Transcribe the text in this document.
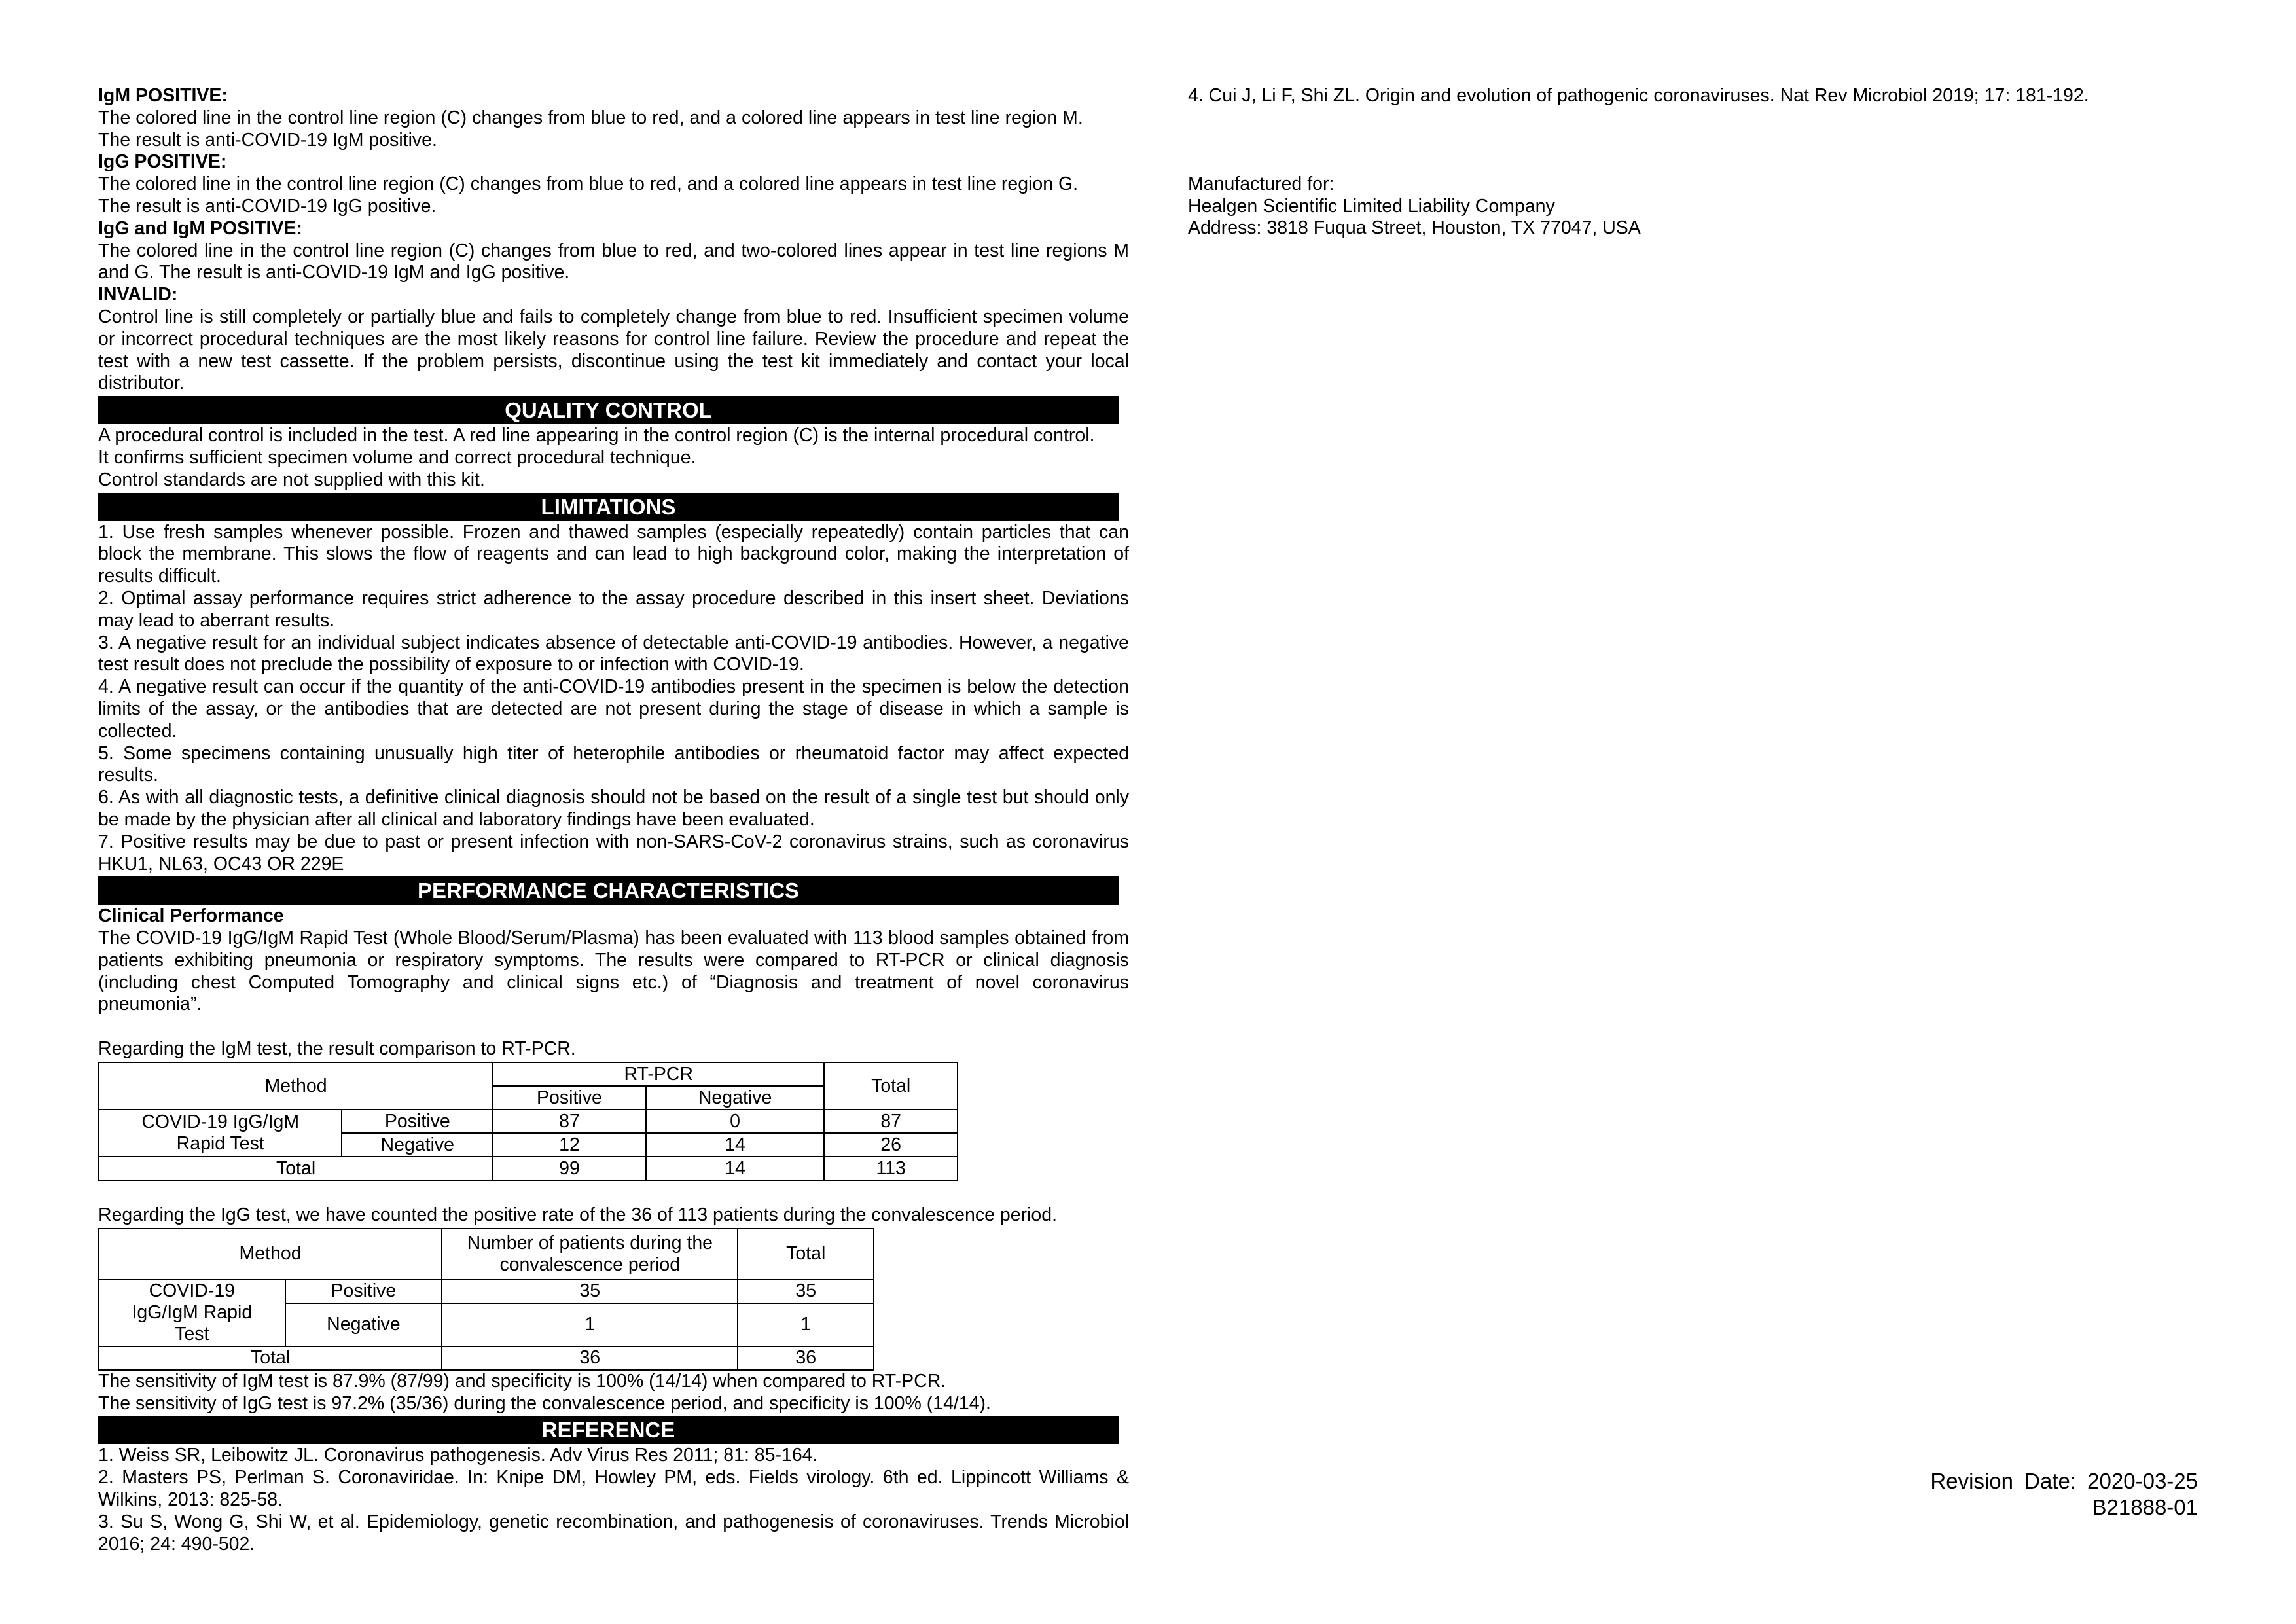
IgM POSITIVE:

The colored line in the control line region (C) changes from blue to red, and a colored line appears in test line region M.

The result is anti-COVID-19 IgM positive.

IgG POSITIVE:

The colored line in the control line region (C) changes from blue to red, and a colored line appears in test line region G.

The result is anti-COVID-19 IgG positive.

IgG and IgM POSITIVE:

The colored line in the control line region (C) changes from blue to red, and two-colored lines appear in test line regions M and G. The result is anti-COVID-19 IgM and IgG positive.

INVALID:

Control line is still completely or partially blue and fails to completely change from blue to red. Insufficient specimen volume or incorrect procedural techniques are the most likely reasons for control line failure. Review the procedure and repeat the test with a new test cassette. If the problem persists, discontinue using the test kit immediately and contact your local distributor.

QUALITY CONTROL

A procedural control is included in the test. A red line appearing in the control region (C) is the internal procedural control.

It confirms sufficient specimen volume and correct procedural technique.

Control standards are not supplied with this kit.

LIMITATIONS

1. Use fresh samples whenever possible. Frozen and thawed samples (especially repeatedly) contain particles that can block the membrane. This slows the flow of reagents and can lead to high background color, making the interpretation of results difficult.

2. Optimal assay performance requires strict adherence to the assay procedure described in this insert sheet. Deviations may lead to aberrant results.

3. A negative result for an individual subject indicates absence of detectable anti-COVID-19 antibodies. However, a negative test result does not preclude the possibility of exposure to or infection with COVID-19.

4. A negative result can occur if the quantity of the anti-COVID-19 antibodies present in the specimen is below the detection limits of the assay, or the antibodies that are detected are not present during the stage of disease in which a sample is collected.

5. Some specimens containing unusually high titer of heterophile antibodies or rheumatoid factor may affect expected results.

6. As with all diagnostic tests, a definitive clinical diagnosis should not be based on the result of a single test but should only be made by the physician after all clinical and laboratory findings have been evaluated.

7. Positive results may be due to past or present infection with non-SARS-CoV-2 coronavirus strains, such as coronavirus HKU1, NL63, OC43 OR 229E

PERFORMANCE CHARACTERISTICS

Clinical Performance

The COVID-19 IgG/IgM Rapid Test (Whole Blood/Serum/Plasma) has been evaluated with 113 blood samples obtained from patients exhibiting pneumonia or respiratory symptoms. The results were compared to RT-PCR or clinical diagnosis (including chest Computed Tomography and clinical signs etc.) of “Diagnosis and treatment of novel coronavirus pneumonia”.

Regarding the IgM test, the result comparison to RT-PCR.

Method		RT-PCR		Total
		Positive	Negative	
COVID-19 IgG/IgM Rapid Test	Positive	87	0	87
	Negative	12	14	26
Total		99	14	113

Regarding the IgG test, we have counted the positive rate of the 36 of 113 patients during the convalescence period.

Method		Number of patients during the convalescence period	Total
COVID-19 IgG/IgM Rapid Test	Positive	35	35
	Negative	1	1
Total		36	36

The sensitivity of IgM test is 87.9% (87/99) and specificity is 100% (14/14) when compared to RT-PCR.

The sensitivity of IgG test is 97.2% (35/36) during the convalescence period, and specificity is 100% (14/14).

REFERENCE

1. Weiss SR, Leibowitz JL. Coronavirus pathogenesis. Adv Virus Res 2011; 81: 85-164.

2. Masters PS, Perlman S. Coronaviridae. In: Knipe DM, Howley PM, eds. Fields virology. 6th ed. Lippincott Williams & Wilkins, 2013: 825-58.

3. Su S, Wong G, Shi W, et al. Epidemiology, genetic recombination, and pathogenesis of coronaviruses. Trends Microbiol 2016; 24: 490-502.

4. Cui J, Li F, Shi ZL. Origin and evolution of pathogenic coronaviruses. Nat Rev Microbiol 2019; 17: 181-192.

Manufactured for:

Healgen Scientific Limited Liability Company

Address: 3818 Fuqua Street, Houston, TX 77047, USA

Revision Date: 2020-03-25
B21888-01
